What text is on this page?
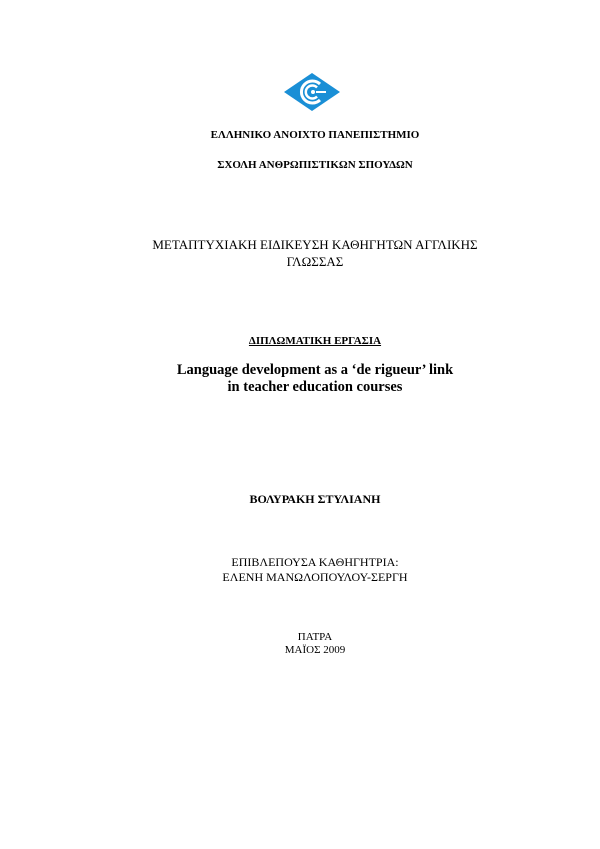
ΕΛΛΗΝΙΚΟ ΑΝΟΙΧΤΟ ΠΑΝΕΠΙΣΤΗΜΙΟ
ΣΧΟΛΗ ΑΝΘΡΩΠΙΣΤΙΚΩΝ ΣΠΟΥΔΩΝ
ΜΕΤΑΠΤΥΧΙΑΚΗ ΕΙΔΙΚΕΥΣΗ ΚΑΘΗΓΗΤΩΝ ΑΓΓΛΙΚΗΣ
ΓΛΩΣΣΑΣ
ΔΙΠΛΩΜΑΤΙΚΗ ΕΡΓΑΣΙΑ
Language development as a ‘de rigueur’ link
in teacher education courses
ΒΟΛΥΡΑΚΗ ΣΤΥΛΙΑΝΗ
ΕΠΙΒΛΕΠΟΥΣΑ ΚΑΘΗΓΗΤΡΙΑ:
ΕΛΕΝΗ ΜΑΝΩΛΟΠΟΥΛΟΥ-ΣΕΡΓΗ
ΠΑΤΡΑ
ΜΑΪΟΣ 2009
